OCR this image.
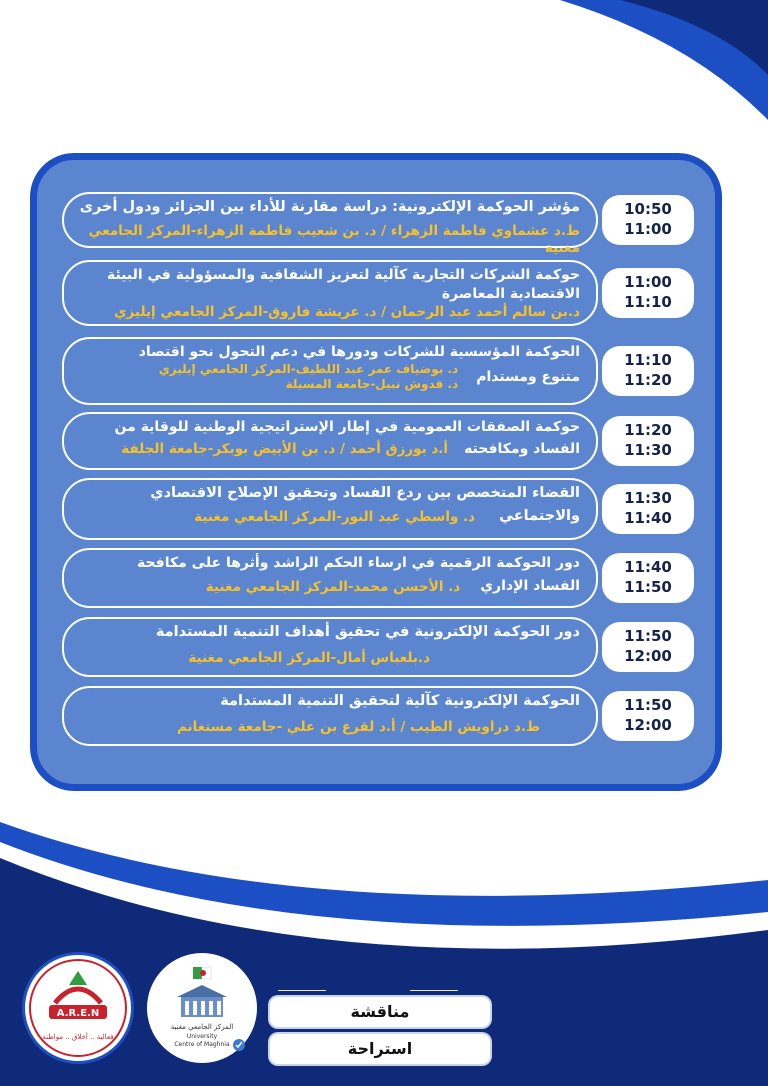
مؤشر الحوكمة الإلكترونية: دراسة مقارنة للأداء بين الجزائر ودول أخرى

ط.د عشماوي فاطمة الزهراء / د. بن شعيب فاطمة الزهراء-المركز الجامعي مغنية

10:50
11:00

حوكمة الشركات التجارية كآلية لتعزيز الشفافية والمسؤولية في البيئة الاقتصادية المعاصرة

د.بن سالم أحمد عبد الرحمان / د. عريشة فاروق-المركز الجامعي إيليزي

11:00
11:10

الحوكمة المؤسسية للشركات ودورها في دعم التحول نحو اقتصاد

متنوع ومستدام

د. بوضياف عمر عبد اللطيف-المركز الجامعي إيليزي

د. قدوش نبيل-جامعة المسيلة

11:10
11:20

حوكمة الصفقات العمومية في إطار الإستراتيجية الوطنية للوقاية من

الفساد ومكافحته

أ.د بورزق أحمد / د. بن الأبيض بوبكر-جامعة الجلفة

11:20
11:30

القضاء المتخصص بين ردع الفساد وتحقيق الإصلاح الاقتصادي

والاجتماعي

د. واسطي عبد النور-المركز الجامعي مغنية

11:30
11:40

دور الحوكمة الرقمية في ارساء الحكم الراشد وأثرها على مكافحة

الفساد الإداري

د. الأحسن محمد-المركز الجامعي مغنية

11:40
11:50

دور الحوكمة الإلكترونية في تحقيق أهداف التنمية المستدامة

د.بلعباس أمال-المركز الجامعي مغنية

11:50
12:00

الحوكمة الإلكترونية كآلية لتحقيق التنمية المستدامة

ط.د دراويش الطيب / أ.د لقرع بن علي -جامعة مستغانم

11:50
12:00
A.R.E.N
فعالية .. أخلاق .. مواطنة
المركز الجامعي مغنية
University
Centre of Maghnia
مناقشة
استراحة
